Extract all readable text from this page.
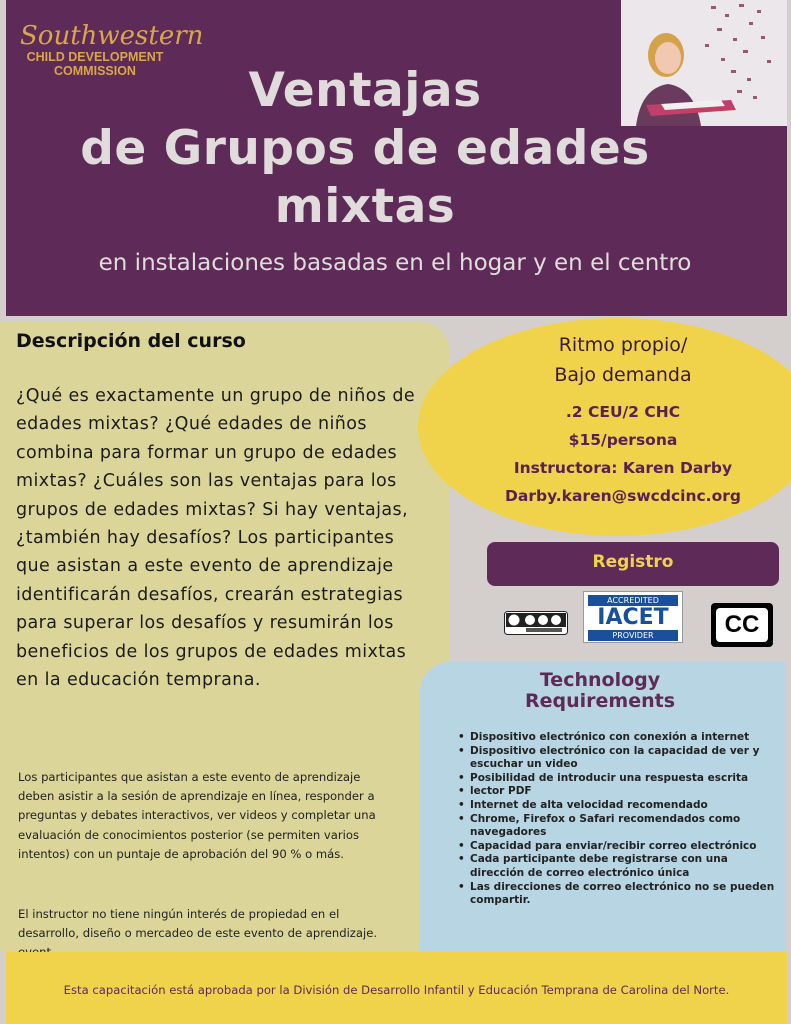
Southwestern
CHILD DEVELOPMENT
COMMISSION	Ventajas
de Grupos de edades
mixtas
en instalaciones basadas en el hogar y en el centro
Descripción del curso
¿Qué es exactamente un grupo de niños de edades mixtas? ¿Qué edades de niños combina para formar un grupo de edades mixtas? ¿Cuáles son las ventajas para los grupos de edades mixtas? Si hay ventajas, ¿también hay desafíos? Los participantes que asistan a este evento de aprendizaje identificarán desafíos, crearán estrategias para superar los desafíos y resumirán los beneficios de los grupos de edades mixtas en la educación temprana.
Los participantes que asistan a este evento de aprendizaje deben asistir a la sesión de aprendizaje en línea, responder a preguntas y debates interactivos, ver videos y completar una evaluación de conocimientos posterior (se permiten varios intentos) con un puntaje de aprobación del 90 % o más.
El instructor no tiene ningún interés de propiedad en el desarrollo, diseño o mercadeo de este evento de aprendizaje.
Ritmo propio/
Bajo demanda
.2 CEU/2 CHC
$15/persona
Instructora: Karen Darby
Darby.karen@swcdcinc.org
Registro
ACCREDITED
IACET
PROVIDER	CC
Technology
Requirements
• Dispositivo electrónico con conexión a internet
• Dispositivo electrónico con la capacidad de ver y escuchar un video
• Posibilidad de introducir una respuesta escrita
• lector PDF
• Internet de alta velocidad recomendado
• Chrome, Firefox o Safari recomendados como navegadores
• Capacidad para enviar/recibir correo electrónico
• Cada participante debe registrarse con una dirección de correo electrónico única
• Las direcciones de correo electrónico no se pueden compartir.
Esta capacitación está aprobada por la División de Desarrollo Infantil y Educación Temprana de Carolina del Norte.
